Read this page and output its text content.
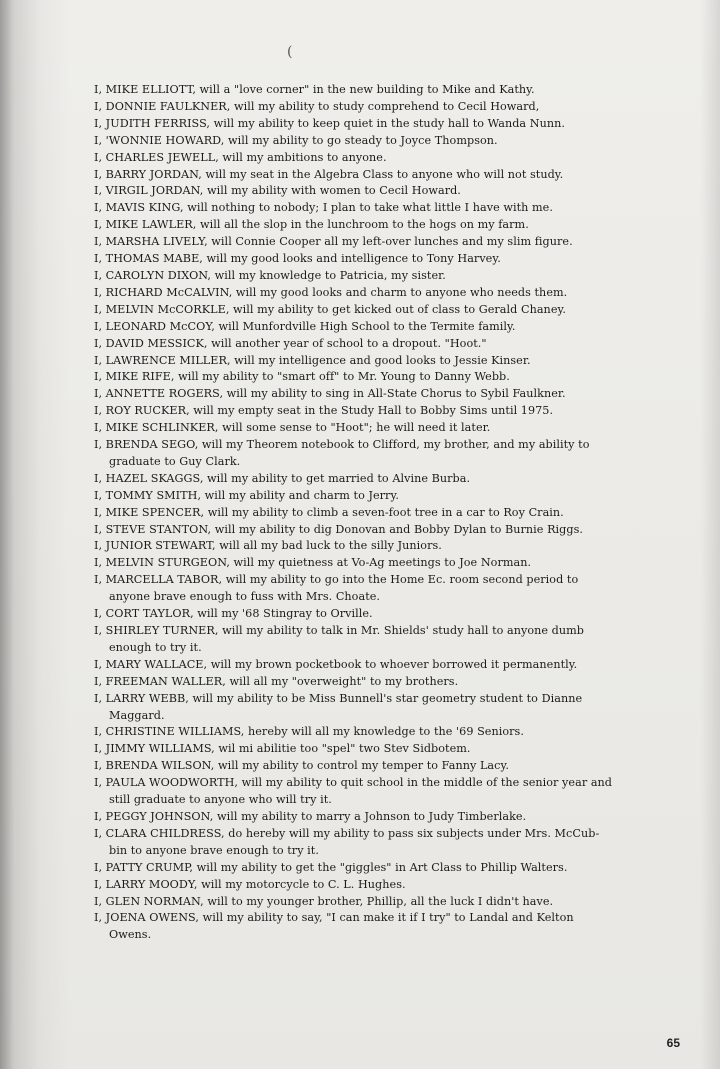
(
I, MIKE ELLIOTT, will a "love corner" in the new building to Mike and Kathy.
I, DONNIE FAULKNER, will my ability to study comprehend to Cecil Howard,
I, JUDITH FERRISS, will my ability to keep quiet in the study hall to Wanda Nunn.
I, 'WONNIE HOWARD, will my ability to go steady to Joyce Thompson.
I, CHARLES JEWELL, will my ambitions to anyone.
I, BARRY JORDAN, will my seat in the Algebra Class to anyone who will not study.
I, VIRGIL JORDAN, will my ability with women to Cecil Howard.
I, MAVIS KING, will nothing to nobody; I plan to take what little I have with me.
I, MIKE LAWLER, will all the slop in the lunchroom to the hogs on my farm.
I, MARSHA LIVELY, will Connie Cooper all my left-over lunches and my slim figure.
I, THOMAS MABE, will my good looks and intelligence to Tony Harvey.
I, CAROLYN DIXON, will my knowledge to Patricia, my sister.
I, RICHARD McCALVIN, will my good looks and charm to anyone who needs them.
I, MELVIN McCORKLE, will my ability to get kicked out of class to Gerald Chaney.
I, LEONARD McCOY, will Munfordville High School to the Termite family.
I, DAVID MESSICK, will another year of school to a dropout. "Hoot."
I, LAWRENCE MILLER, will my intelligence and good looks to Jessie Kinser.
I, MIKE RIFE, will my ability to "smart off" to Mr. Young to Danny Webb.
I, ANNETTE ROGERS, will my ability to sing in All-State Chorus to Sybil Faulkner.
I, ROY RUCKER, will my empty seat in the Study Hall to Bobby Sims until 1975.
I, MIKE SCHLINKER, will some sense to "Hoot"; he will need it later.
I, BRENDA SEGO, will my Theorem notebook to Clifford, my brother, and my ability to graduate to Guy Clark.
I, HAZEL SKAGGS, will my ability to get married to Alvine Burba.
I, TOMMY SMITH, will my ability and charm to Jerry.
I, MIKE SPENCER, will my ability to climb a seven-foot tree in a car to Roy Crain.
I, STEVE STANTON, will my ability to dig Donovan and Bobby Dylan to Burnie Riggs.
I, JUNIOR STEWART, will all my bad luck to the silly Juniors.
I, MELVIN STURGEON, will my quietness at Vo-Ag meetings to Joe Norman.
I, MARCELLA TABOR, will my ability to go into the Home Ec. room second period to anyone brave enough to fuss with Mrs. Choate.
I, CORT TAYLOR, will my '68 Stingray to Orville.
I, SHIRLEY TURNER, will my ability to talk in Mr. Shields' study hall to anyone dumb enough to try it.
I, MARY WALLACE, will my brown pocketbook to whoever borrowed it permanently.
I, FREEMAN WALLER, will all my "overweight" to my brothers.
I, LARRY WEBB, will my ability to be Miss Bunnell's star geometry student to Dianne Maggard.
I, CHRISTINE WILLIAMS, hereby will all my knowledge to the '69 Seniors.
I, JIMMY WILLIAMS, wil mi abilitie too "spel" two Stev Sidbotem.
I, BRENDA WILSON, will my ability to control my temper to Fanny Lacy.
I, PAULA WOODWORTH, will my ability to quit school in the middle of the senior year and still graduate to anyone who will try it.
I, PEGGY JOHNSON, will my ability to marry a Johnson to Judy Timberlake.
I, CLARA CHILDRESS, do hereby will my ability to pass six subjects under Mrs. McCub-bin to anyone brave enough to try it.
I, PATTY CRUMP, will my ability to get the "giggles" in Art Class to Phillip Walters.
I, LARRY MOODY, will my motorcycle to C. L. Hughes.
I, GLEN NORMAN, will to my younger brother, Phillip, all the luck I didn't have.
I, JOENA OWENS, will my ability to say, "I can make it if I try" to Landal and Kelton Owens.
65
